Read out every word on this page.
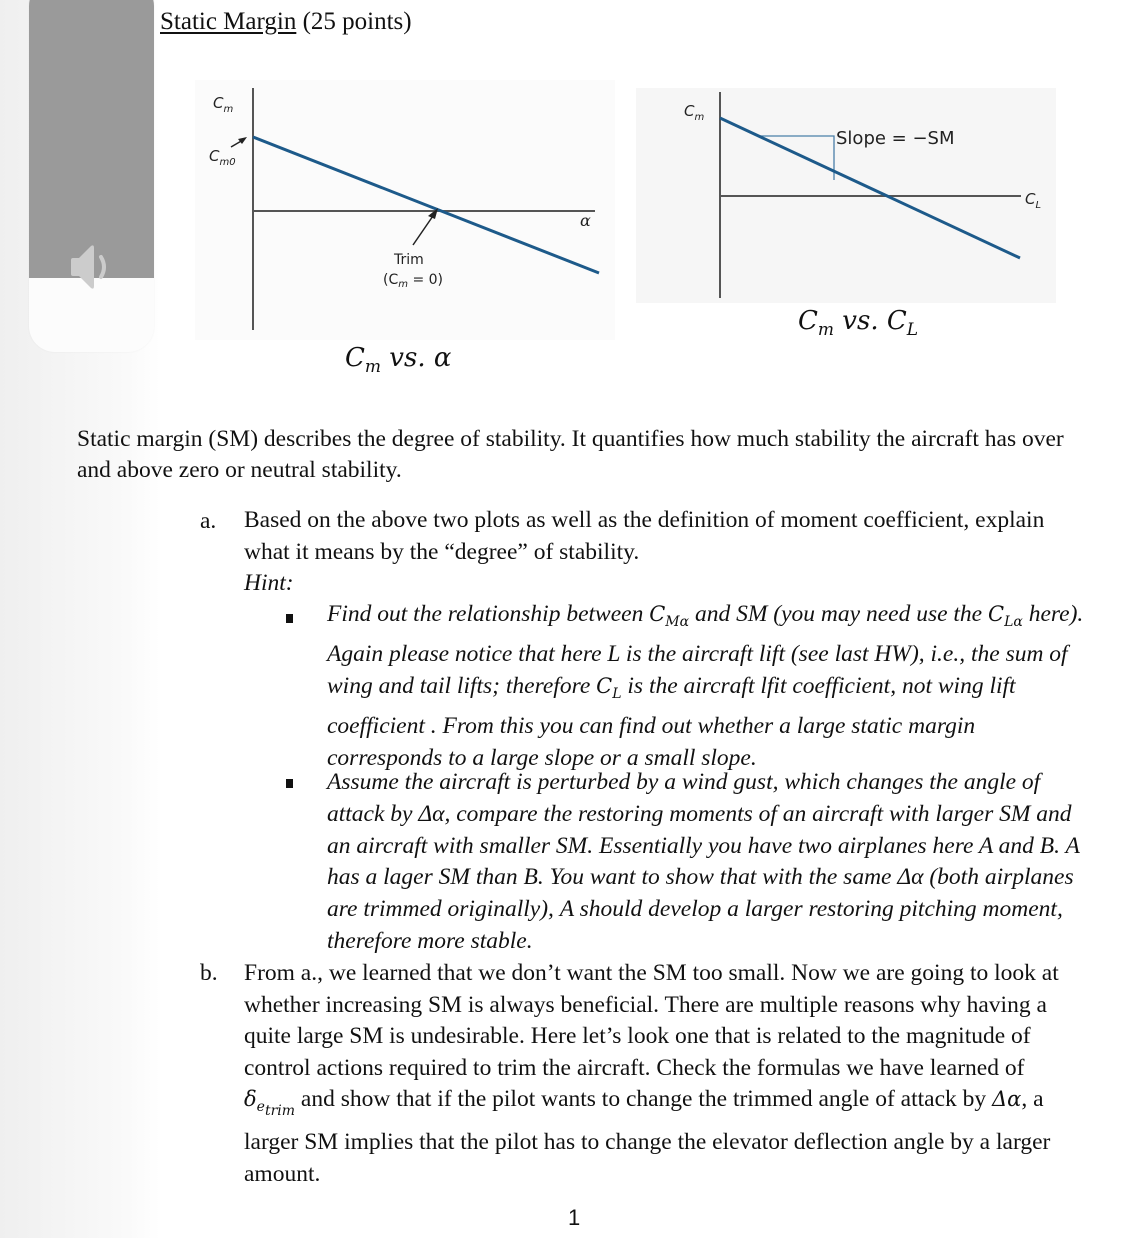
Static Margin (25 points)
$C_m$
$C_{m0}$
α
Trim
$(C_m = 0)$
$C_m$ vs. α
$C_m$
Slope = −SM
$C_L$
$C_m$ vs. $C_L$
Static margin (SM) describes the degree of stability. It quantifies how much stability the aircraft has over and above zero or neutral stability.
a. Based on the above two plots as well as the definition of moment coefficient, explain what it means by the “degree” of stability.
Hint:
Find out the relationship between $C_{M\alpha}$ and SM (you may need use the $C_{L\alpha}$ here). Again please notice that here L is the aircraft lift (see last HW), i.e., the sum of wing and tail lifts; therefore $C_L$ is the aircraft lfit coefficient, not wing lift coefficient . From this you can find out whether a large static margin corresponds to a large slope or a small slope.
Assume the aircraft is perturbed by a wind gust, which changes the angle of attack by Δα, compare the restoring moments of an aircraft with larger SM and an aircraft with smaller SM. Essentially you have two airplanes here A and B. A has a lager SM than B. You want to show that with the same Δα (both airplanes are trimmed originally), A should develop a larger restoring pitching moment, therefore more stable.
b. From a., we learned that we don’t want the SM too small. Now we are going to look at whether increasing SM is always beneficial. There are multiple reasons why having a quite large SM is undesirable. Here let’s look one that is related to the magnitude of control actions required to trim the aircraft. Check the formulas we have learned of $\delta_{e_{trim}}$ and show that if the pilot wants to change the trimmed angle of attack by Δα, a larger SM implies that the pilot has to change the elevator deflection angle by a larger amount.
1
